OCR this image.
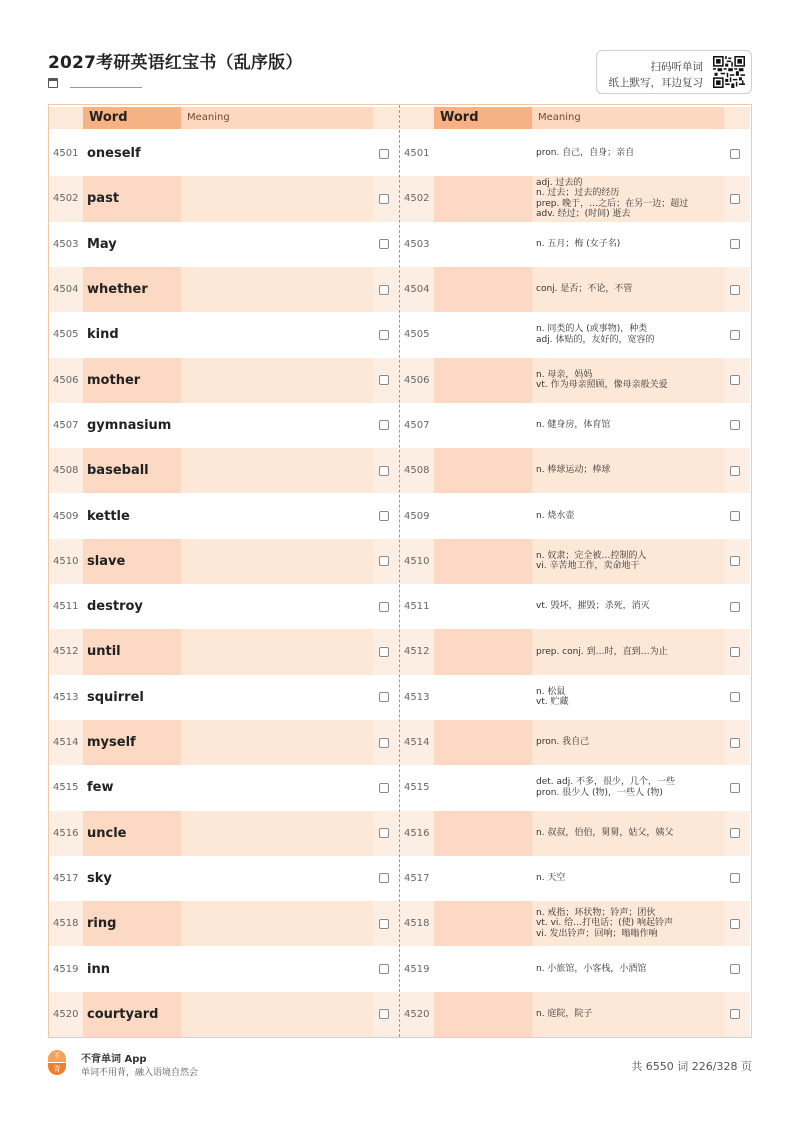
2027考研英语红宝书（乱序版）	扫码听单词
纸上默写，耳边复习
Word	Meaning
4501 oneself
4502 past
4503 May
4504 whether
4505 kind
4506 mother
4507 gymnasium
4508 baseball
4509 kettle
4510 slave
4511 destroy
4512 until
4513 squirrel
4514 myself
4515 few
4516 uncle
4517 sky
4518 ring
4519 inn
4520 courtyard
Word	Meaning
4501	pron. 自己，自身；亲自
4502
adj. 过去的
n. 过去；过去的经历
prep. 晚于，…之后；在另一边；超过
adv. 经过；(时间) 逝去
4503	n. 五月；梅 (女子名)
4504	conj. 是否；不论，不管
4505	n. 同类的人 (或事物)，种类
adj. 体贴的，友好的，宽容的
4506	n. 母亲，妈妈
vt. 作为母亲照顾，像母亲般关爱
4507	n. 健身房，体育馆
4508	n. 棒球运动；棒球
4509	n. 烧水壶
4510	n. 奴隶；完全被…控制的人
vi. 辛苦地工作，卖命地干
4511	vt. 毁坏，摧毁；杀死，消灭
4512	prep. conj. 到…时，直到…为止
4513	n. 松鼠
vt. 贮藏
4514	pron. 我自己
4515	det. adj. 不多，很少，几个，一些
pron. 很少人 (物)，一些人 (物)
4516	n. 叔叔，伯伯，舅舅，姑父，姨父
4517	n. 天空
4518
n. 戒指；环状物；铃声；团伙
vt. vi. 给…打电话；(使) 响起铃声
vi. 发出铃声；回响；嗡嗡作响
4519	n. 小旅馆，小客栈，小酒馆
4520	n. 庭院，院子
不
背
不背单词 App
单词不用背，融入语境自然会	共 6550 词 226/328 页
